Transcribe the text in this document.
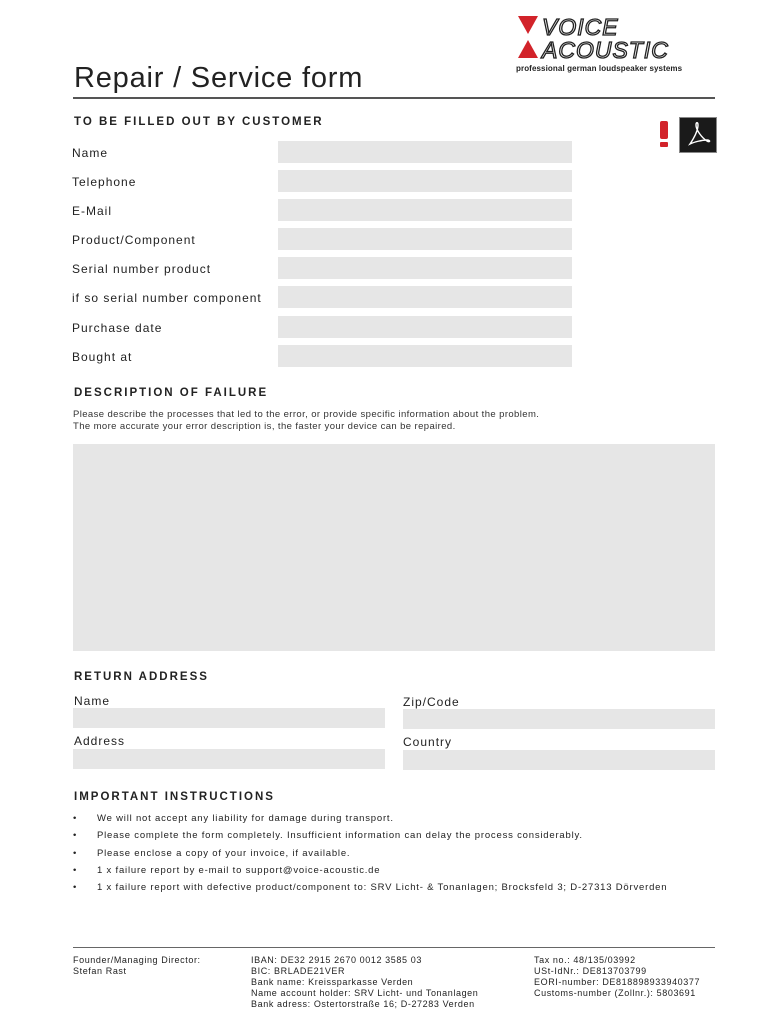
Repair / Service form
VOICE
ACOUSTIC
professional german loudspeaker systems
TO BE FILLED OUT BY CUSTOMER
Name
Telephone
E-Mail
Product/Component
Serial number product
if so serial number component
Purchase date
Bought at
DESCRIPTION OF FAILURE
Please describe the processes that led to the error, or provide specific information about the problem.
The more accurate your error description is, the faster your device can be repaired.
RETURN ADDRESS
Name	Zip/Code
Address	Country
IMPORTANT INSTRUCTIONS
• We will not accept any liability for damage during transport.
• Please complete the form completely. Insufficient information can delay the process considerably.
• Please enclose a copy of your invoice, if available.
• 1 x failure report by e-mail to support@voice-acoustic.de
• 1 x failure report with defective product/component to: SRV Licht- & Tonanlagen; Brocksfeld 3; D-27313 Dörverden
Founder/Managing Director:
Stefan Rast
IBAN: DE32 2915 2670 0012 3585 03
BIC: BRLADE21VER
Bank name: Kreissparkasse Verden
Name account holder: SRV Licht- und Tonanlagen
Bank adress: Ostertorstraße 16; D-27283 Verden
Tax no.: 48/135/03992
USt-IdNr.: DE813703799
EORI-number: DE818898933940377
Customs-number (Zollnr.): 5803691
